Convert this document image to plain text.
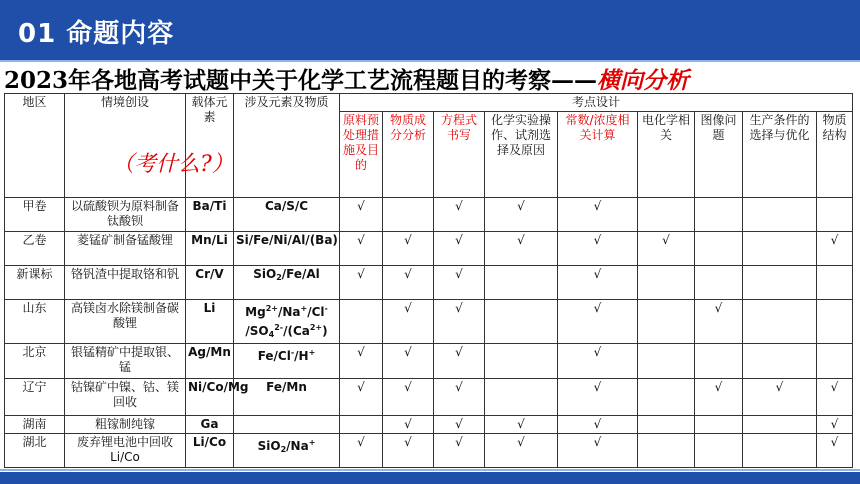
01 命题内容
2023年各地高考试题中关于化学工艺流程题目的考察——横向分析
地区	情境创设	载体元素	涉及元素及物质	考点设计								
				原料预处理措施及目的	物质成分分析	方程式书写	化学实验操作、试剂选择及原因	常数/浓度相关计算	电化学相关	图像问题	生产条件的选择与优化	物质结构
甲卷	以硫酸钡为原料制备钛酸钡	Ba/Ti	Ca/S/C	√		√	√	√				
乙卷	菱锰矿制备锰酸锂	Mn/Li	Si/Fe/Ni/Al/(Ba)	√	√	√	√	√	√			√
新课标	铬钒渣中提取铬和钒	Cr/V	SiO$_2$/Fe/Al	√	√	√		√				
山东	高镁卤水除镁制备碳酸锂	Li	$Mg^{2+}/Na^+/Cl^-$ $/SO_4^{2-}/(Ca^{2+})$		√	√		√		√		
北京	银锰精矿中提取银、锰	Ag/Mn	Fe/Cl-/H+	√	√	√		√				
辽宁	钴镍矿中镍、钴、镁回收	Ni/Co/Mg	Fe/Mn	√	√	√		√		√	√	√
湖南	粗镓制纯镓	Ga			√	√	√	√				√
湖北	废弃锂电池中回收Li/Co	Li/Co	SiO$_2$/Na+	√	√	√	√	√				√
（考什么?）
